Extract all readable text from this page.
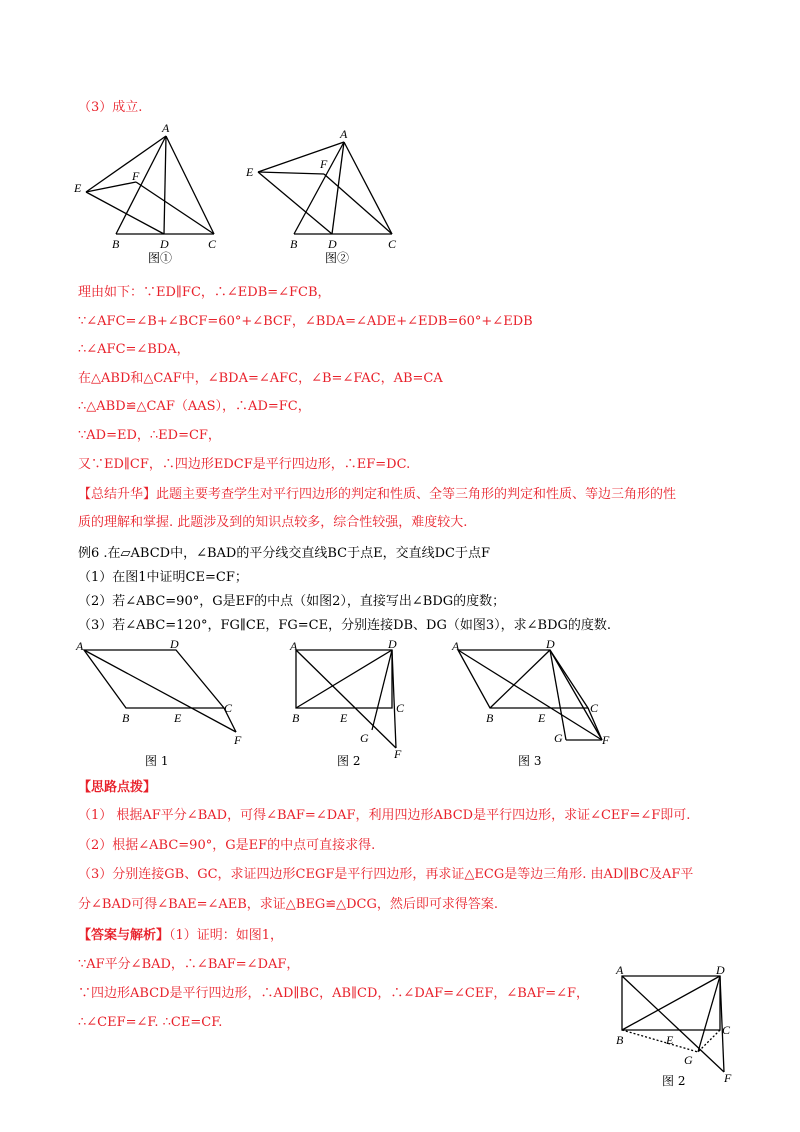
（3）成立.
A
E
F
B	D	C
图①
A
E
F
B	D	C
图②
理由如下：∵ED∥FC，∴∠EDB=∠FCB，
∵∠AFC=∠B+∠BCF=60°+∠BCF，∠BDA=∠ADE+∠EDB=60°+∠EDB
∴∠AFC=∠BDA，
在△ABD和△CAF中，∠BDA=∠AFC，∠B=∠FAC，AB=CA
∴△ABD≌△CAF（AAS），∴AD=FC，
∵AD=ED，∴ED=CF，
又∵ED∥CF，∴四边形EDCF是平行四边形，∴EF=DC.
【总结升华】此题主要考查学生对平行四边形的判定和性质、全等三角形的判定和性质、等边三角形的性
质的理解和掌握. 此题涉及到的知识点较多，综合性较强，难度较大.
例6 .在▱ABCD中，∠BAD的平分线交直线BC于点E，交直线DC于点F
（1）在图1中证明CE=CF；
（2）若∠ABC=90°，G是EF的中点（如图2），直接写出∠BDG的度数；
（3）若∠ABC=120°，FG∥CE，FG=CE，分别连接DB、DG（如图3），求∠BDG的度数.
A	D
B	E
C
F
图 1
A	D
B	E
C
G
F
图 2
A	D
B	E
C
G	F
图 3
【思路点拨】
（1） 根据AF平分∠BAD，可得∠BAF=∠DAF，利用四边形ABCD是平行四边形，求证∠CEF=∠F即可.
（2）根据∠ABC=90°，G是EF的中点可直接求得.
（3）分别连接GB、GC，求证四边形CEGF是平行四边形，再求证△ECG是等边三角形. 由AD∥BC及AF平
分∠BAD可得∠BAE=∠AEB，求证△BEG≌△DCG，然后即可求得答案.
【答案与解析】（1）证明：如图1，
∵AF平分∠BAD，∴∠BAF=∠DAF，
∵四边形ABCD是平行四边形，∴AD∥BC，AB∥CD，∴∠DAF=∠CEF，∠BAF=∠F，
∴∠CEF=∠F. ∴CE=CF.
A	D
B	E
C
G
F
图 2
